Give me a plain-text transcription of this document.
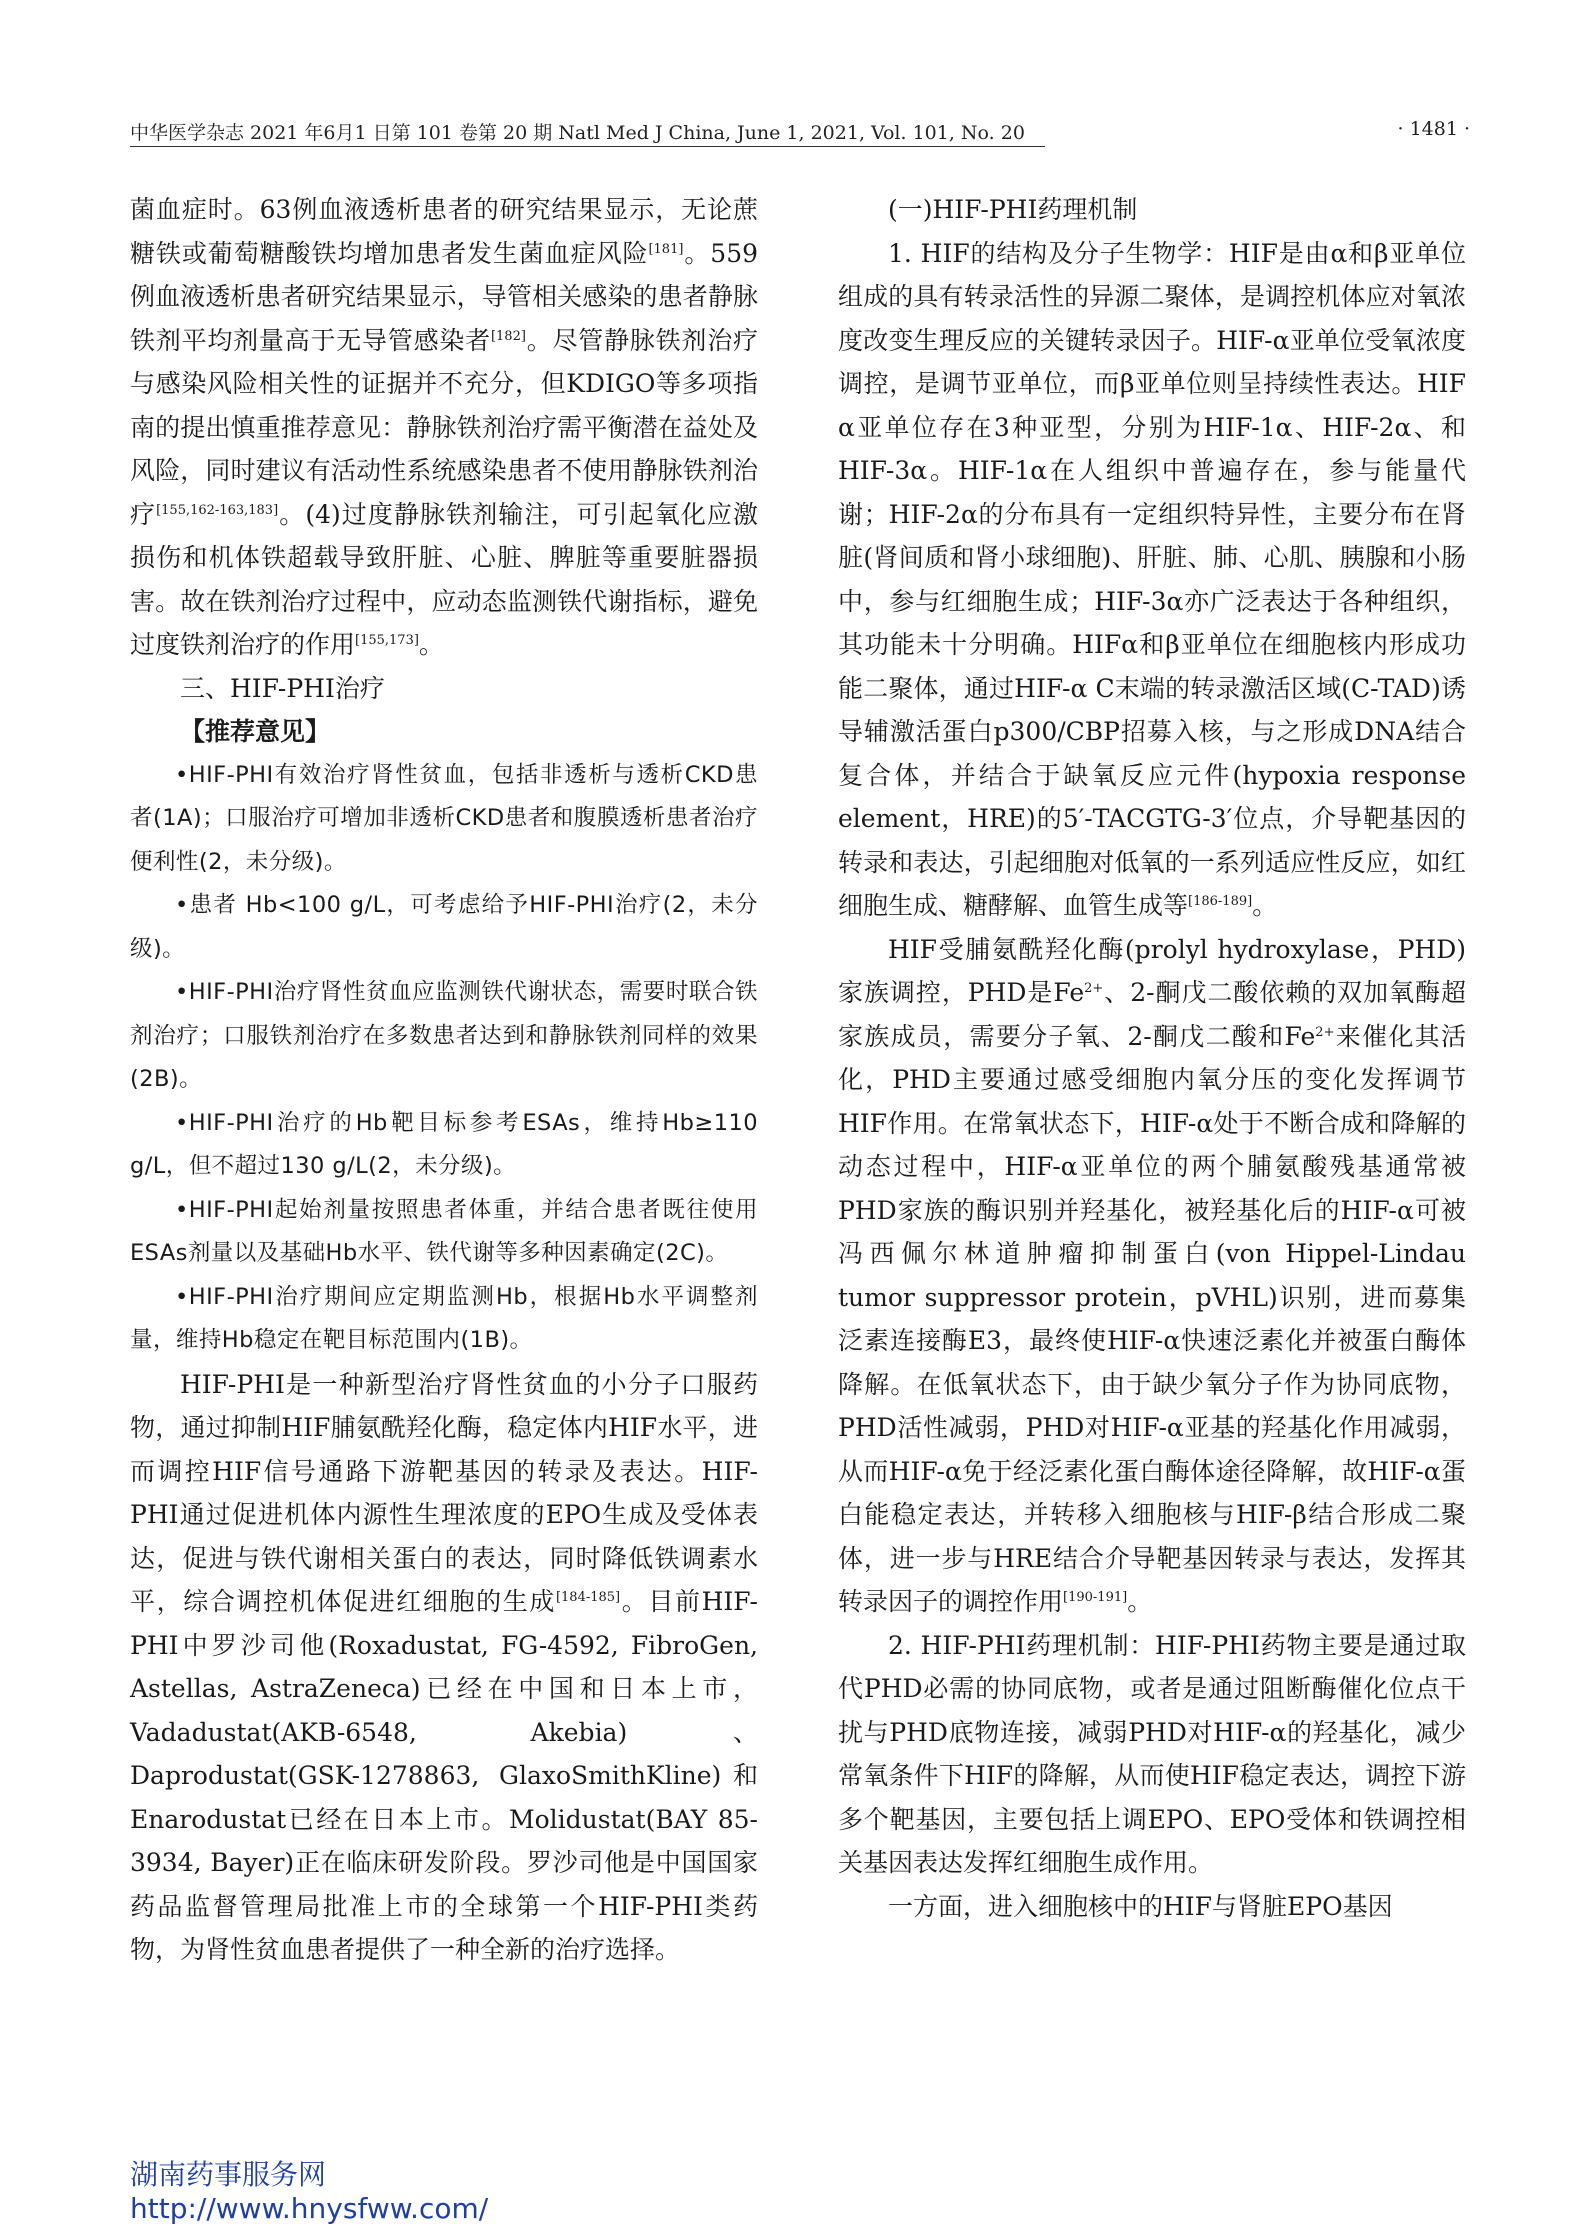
中华医学杂志 2021 年6月1 日第 101 卷第 20 期 Natl Med J China, June 1, 2021, Vol. 101, No. 20	· 1481 ·

菌血症时。63例血液透析患者的研究结果显示，无论蔗糖铁或葡萄糖酸铁均增加患者发生菌血症风险[181]。559例血液透析患者研究结果显示，导管相关感染的患者静脉铁剂平均剂量高于无导管感染者[182]。尽管静脉铁剂治疗与感染风险相关性的证据并不充分，但KDIGO等多项指南的提出慎重推荐意见：静脉铁剂治疗需平衡潜在益处及风险，同时建议有活动性系统感染患者不使用静脉铁剂治疗[155,162-163,183]。(4)过度静脉铁剂输注，可引起氧化应激损伤和机体铁超载导致肝脏、心脏、脾脏等重要脏器损害。故在铁剂治疗过程中，应动态监测铁代谢指标，避免过度铁剂治疗的作用[155,173]。

三、HIF-PHI治疗

【推荐意见】

•HIF-PHI有效治疗肾性贫血，包括非透析与透析CKD患者(1A)；口服治疗可增加非透析CKD患者和腹膜透析患者治疗便利性(2，未分级)。

•患者 Hb<100 g/L，可考虑给予HIF-PHI治疗(2，未分级)。

•HIF-PHI治疗肾性贫血应监测铁代谢状态，需要时联合铁剂治疗；口服铁剂治疗在多数患者达到和静脉铁剂同样的效果(2B)。

•HIF-PHI治疗的Hb靶目标参考ESAs，维持Hb≥110 g/L，但不超过130 g/L(2，未分级)。

•HIF-PHI起始剂量按照患者体重，并结合患者既往使用ESAs剂量以及基础Hb水平、铁代谢等多种因素确定(2C)。

•HIF-PHI治疗期间应定期监测Hb，根据Hb水平调整剂量，维持Hb稳定在靶目标范围内(1B)。

HIF-PHI是一种新型治疗肾性贫血的小分子口服药物，通过抑制HIF脯氨酰羟化酶，稳定体内HIF水平，进而调控HIF信号通路下游靶基因的转录及表达。HIF-PHI通过促进机体内源性生理浓度的EPO生成及受体表达，促进与铁代谢相关蛋白的表达，同时降低铁调素水平，综合调控机体促进红细胞的生成[184-185]。目前HIF-PHI中罗沙司他(Roxadustat, FG-4592, FibroGen, Astellas, AstraZeneca)已经在中国和日本上市，Vadadustat(AKB-6548, Akebia)、Daprodustat(GSK-1278863, GlaxoSmithKline)和Enarodustat已经在日本上市。Molidustat(BAY 85-3934, Bayer)正在临床研发阶段。罗沙司他是中国国家药品监督管理局批准上市的全球第一个HIF-PHI类药物，为肾性贫血患者提供了一种全新的治疗选择。

(一)HIF-PHI药理机制

1. HIF的结构及分子生物学：HIF是由α和β亚单位组成的具有转录活性的异源二聚体，是调控机体应对氧浓度改变生理反应的关键转录因子。HIF-α亚单位受氧浓度调控，是调节亚单位，而β亚单位则呈持续性表达。HIF α亚单位存在3种亚型，分别为HIF-1α、HIF-2α、和HIF-3α。HIF-1α在人组织中普遍存在，参与能量代谢；HIF-2α的分布具有一定组织特异性，主要分布在肾脏(肾间质和肾小球细胞)、肝脏、肺、心肌、胰腺和小肠中，参与红细胞生成；HIF-3α亦广泛表达于各种组织，其功能未十分明确。HIFα和β亚单位在细胞核内形成功能二聚体，通过HIF-α C末端的转录激活区域(C-TAD)诱导辅激活蛋白p300/CBP招募入核，与之形成DNA结合复合体，并结合于缺氧反应元件(hypoxia response element，HRE)的5′-TACGTG-3′位点，介导靶基因的转录和表达，引起细胞对低氧的一系列适应性反应，如红细胞生成、糖酵解、血管生成等[186-189]。

HIF受脯氨酰羟化酶(prolyl hydroxylase，PHD)家族调控，PHD是$Fe^{2+}$、2-酮戊二酸依赖的双加氧酶超家族成员，需要分子氧、2-酮戊二酸和$Fe^{2+}$来催化其活化，PHD主要通过感受细胞内氧分压的变化发挥调节HIF作用。在常氧状态下，HIF-α处于不断合成和降解的动态过程中，HIF-α亚单位的两个脯氨酸残基通常被PHD家族的酶识别并羟基化，被羟基化后的HIF-α可被冯西佩尔林道肿瘤抑制蛋白(von Hippel-Lindau tumor suppressor protein，pVHL)识别，进而募集泛素连接酶E3，最终使HIF-α快速泛素化并被蛋白酶体降解。在低氧状态下，由于缺少氧分子作为协同底物，PHD活性减弱，PHD对HIF-α亚基的羟基化作用减弱，从而HIF-α免于经泛素化蛋白酶体途径降解，故HIF-α蛋白能稳定表达，并转移入细胞核与HIF-β结合形成二聚体，进一步与HRE结合介导靶基因转录与表达，发挥其转录因子的调控作用[190-191]。

2. HIF-PHI药理机制：HIF-PHI药物主要是通过取代PHD必需的协同底物，或者是通过阻断酶催化位点干扰与PHD底物连接，减弱PHD对HIF-α的羟基化，减少常氧条件下HIF的降解，从而使HIF稳定表达，调控下游多个靶基因，主要包括上调EPO、EPO受体和铁调控相关基因表达发挥红细胞生成作用。

一方面，进入细胞核中的HIF与肾脏EPO基因

湖南药事服务网
http://www.hnysfww.com/
